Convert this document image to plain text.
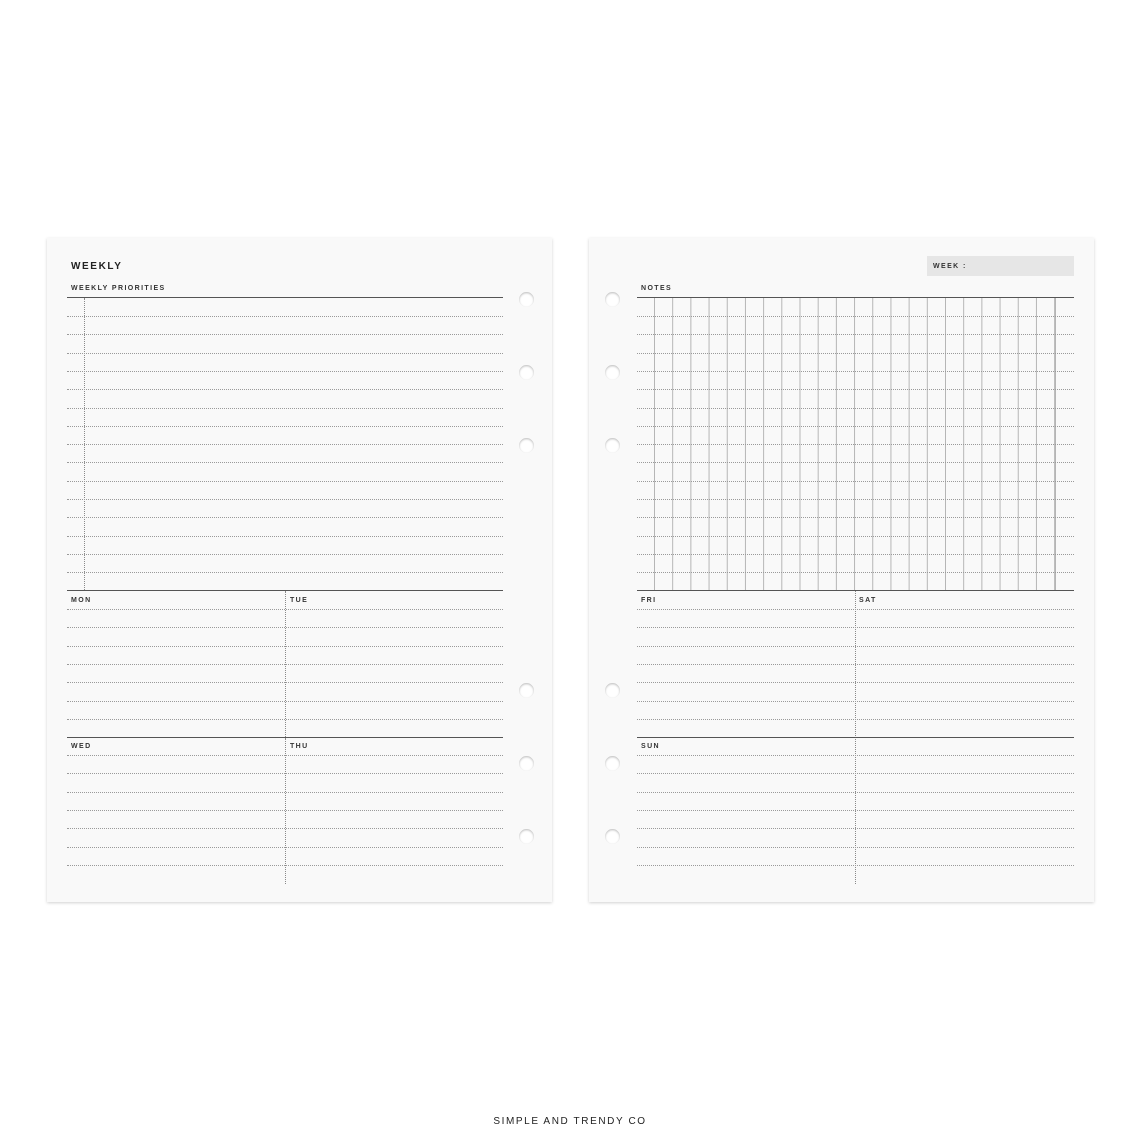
WEEKLY
WEEKLY PRIORITIES
MON	TUE
WED	THU
WEEK :
NOTES
FRI	SAT
SUN
SIMPLE AND TRENDY CO
